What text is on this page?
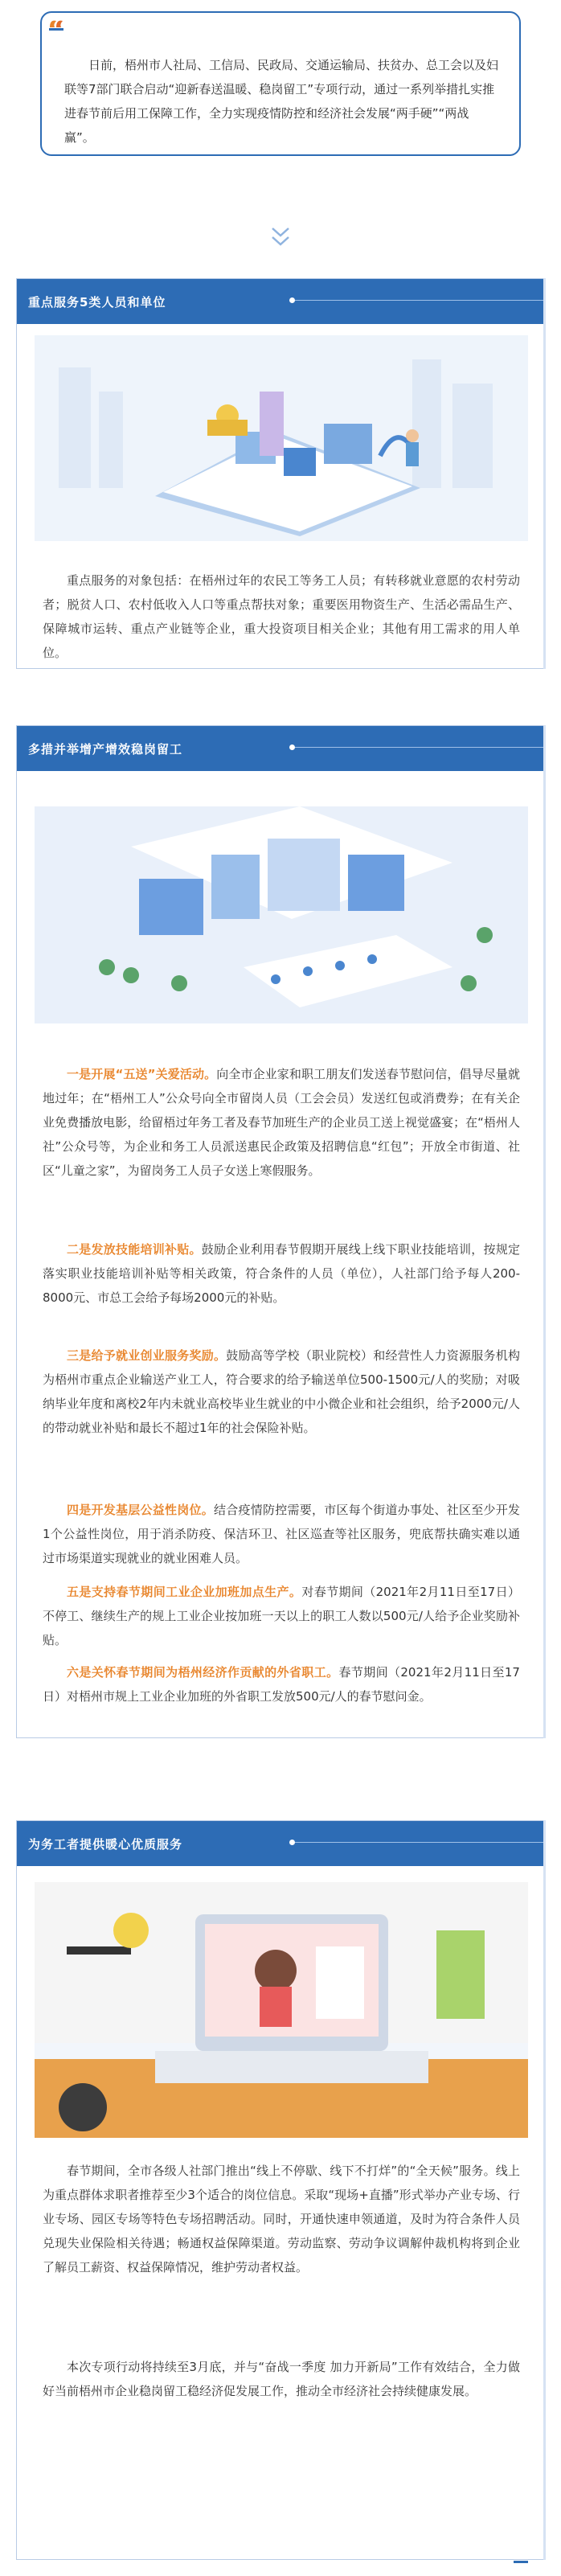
日前，梧州市人社局、工信局、民政局、交通运输局、扶贫办、总工会以及妇联等7部门联合启动“迎新春送温暖、稳岗留工”专项行动，通过一系列举措扎实推进春节前后用工保障工作，全力实现疫情防控和经济社会发展“两手硬”“两战赢”。

重点服务5类人员和单位

重点服务的对象包括：在梧州过年的农民工等务工人员；有转移就业意愿的农村劳动者；脱贫人口、农村低收入人口等重点帮扶对象；重要医用物资生产、生活必需品生产、保障城市运转、重点产业链等企业，重大投资项目相关企业；其他有用工需求的用人单位。

多措并举增产增效稳岗留工

一是开展“五送”关爱活动。向全市企业家和职工朋友们发送春节慰问信，倡导尽量就地过年；在“梧州工人”公众号向全市留岗人员（工会会员）发送红包或消费券；在有关企业免费播放电影，给留梧过年务工者及春节加班生产的企业员工送上视觉盛宴；在“梧州人社”公众号等，为企业和务工人员派送惠民企政策及招聘信息“红包”；开放全市街道、社区“儿童之家”，为留岗务工人员子女送上寒假服务。

二是发放技能培训补贴。鼓励企业利用春节假期开展线上线下职业技能培训，按规定落实职业技能培训补贴等相关政策，符合条件的人员（单位），人社部门给予每人200-8000元、市总工会给予每场2000元的补贴。

三是给予就业创业服务奖励。鼓励高等学校（职业院校）和经营性人力资源服务机构为梧州市重点企业输送产业工人，符合要求的给予输送单位500-1500元/人的奖励；对吸纳毕业年度和离校2年内未就业高校毕业生就业的中小微企业和社会组织，给予2000元/人的带动就业补贴和最长不超过1年的社会保险补贴。

四是开发基层公益性岗位。结合疫情防控需要，市区每个街道办事处、社区至少开发1个公益性岗位，用于消杀防疫、保洁环卫、社区巡查等社区服务，兜底帮扶确实难以通过市场渠道实现就业的就业困难人员。

五是支持春节期间工业企业加班加点生产。对春节期间（2021年2月11日至17日）不停工、继续生产的规上工业企业按加班一天以上的职工人数以500元/人给予企业奖励补贴。

六是关怀春节期间为梧州经济作贡献的外省职工。春节期间（2021年2月11日至17日）对梧州市规上工业企业加班的外省职工发放500元/人的春节慰问金。

为务工者提供暖心优质服务

春节期间，全市各级人社部门推出“线上不停歇、线下不打烊”的“全天候”服务。线上为重点群体求职者推荐至少3个适合的岗位信息。采取“现场+直播”形式举办产业专场、行业专场、园区专场等特色专场招聘活动。同时，开通快速申领通道，及时为符合条件人员兑现失业保险相关待遇；畅通权益保障渠道。劳动监察、劳动争议调解仲裁机构将到企业了解员工薪资、权益保障情况，维护劳动者权益。

本次专项行动将持续至3月底，并与“奋战一季度 加力开新局”工作有效结合，全力做好当前梧州市企业稳岗留工稳经济促发展工作，推动全市经济社会持续健康发展。
